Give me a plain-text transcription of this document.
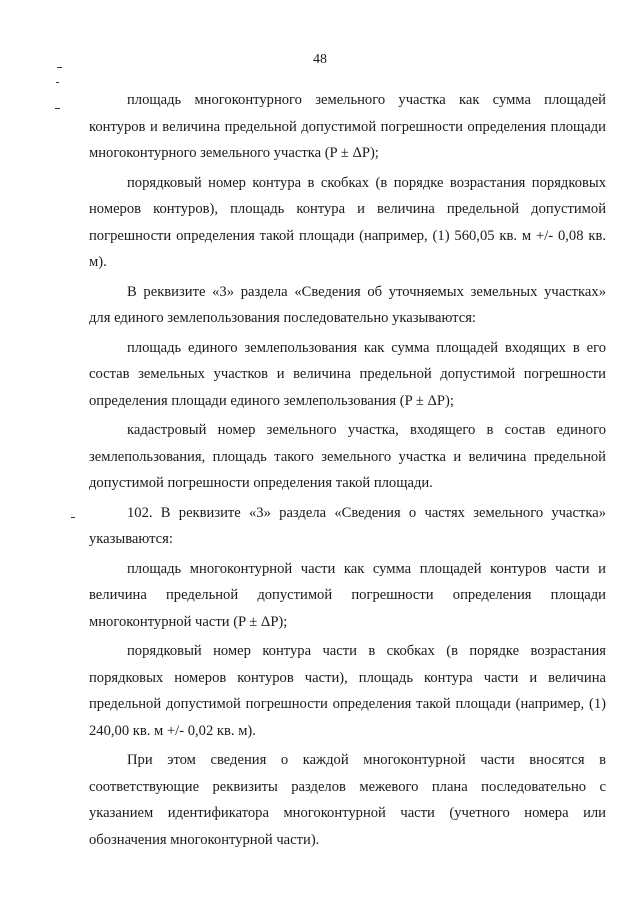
48

площадь многоконтурного земельного участка как сумма площадей контуров и величина предельной допустимой погрешности определения площади многоконтурного земельного участка (P ± ΔP);

порядковый номер контура в скобках (в порядке возрастания порядковых номеров контуров), площадь контура и величина предельной допустимой погрешности определения такой площади (например, (1) 560,05 кв. м +/- 0,08 кв. м).

В реквизите «3» раздела «Сведения об уточняемых земельных участках» для единого землепользования последовательно указываются:

площадь единого землепользования как сумма площадей входящих в его состав земельных участков и величина предельной допустимой погрешности определения площади единого землепользования (P ± ΔP);

кадастровый номер земельного участка, входящего в состав единого землепользования, площадь такого земельного участка и величина предельной допустимой погрешности определения такой площади.

102. В реквизите «3» раздела «Сведения о частях земельного участка» указываются:

площадь многоконтурной части как сумма площадей контуров части и величина предельной допустимой погрешности определения площади многоконтурной части (P ± ΔP);

порядковый номер контура части в скобках (в порядке возрастания порядковых номеров контуров части), площадь контура части и величина предельной допустимой погрешности определения такой площади (например, (1) 240,00 кв. м +/- 0,02 кв. м).

При этом сведения о каждой многоконтурной части вносятся в соответствующие реквизиты разделов межевого плана последовательно с указанием идентификатора многоконтурной части (учетного номера или обозначения многоконтурной части).
